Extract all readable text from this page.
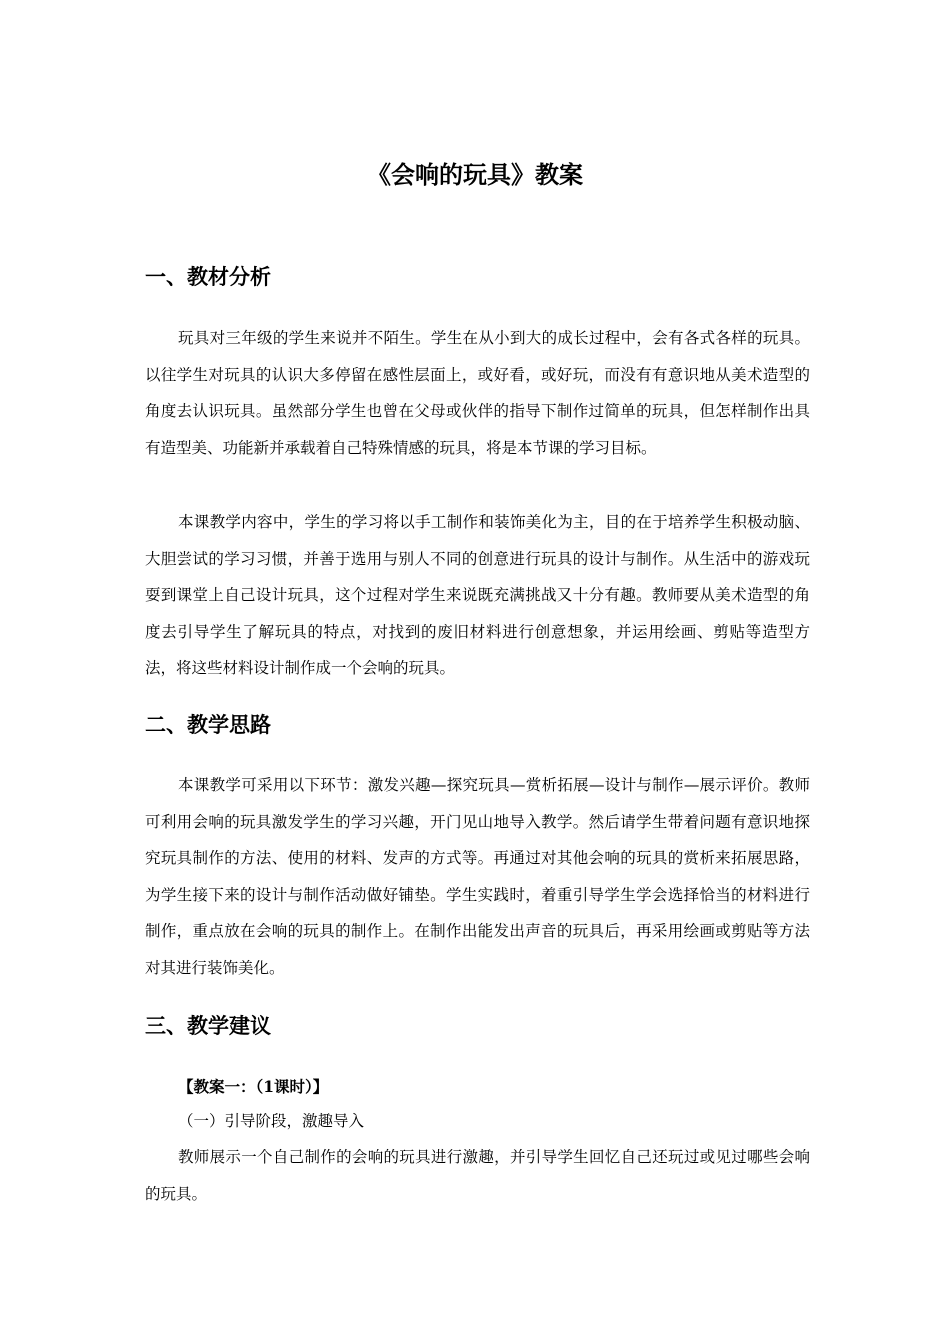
《会响的玩具》教案
一、教材分析
玩具对三年级的学生来说并不陌生。学生在从小到大的成长过程中，会有各式各样的玩具。以往学生对玩具的认识大多停留在感性层面上，或好看，或好玩，而没有有意识地从美术造型的角度去认识玩具。虽然部分学生也曾在父母或伙伴的指导下制作过简单的玩具，但怎样制作出具有造型美、功能新并承载着自己特殊情感的玩具，将是本节课的学习目标。
本课教学内容中，学生的学习将以手工制作和装饰美化为主，目的在于培养学生积极动脑、大胆尝试的学习习惯，并善于选用与别人不同的创意进行玩具的设计与制作。从生活中的游戏玩耍到课堂上自己设计玩具，这个过程对学生来说既充满挑战又十分有趣。教师要从美术造型的角度去引导学生了解玩具的特点，对找到的废旧材料进行创意想象，并运用绘画、剪贴等造型方法，将这些材料设计制作成一个会响的玩具。
二、教学思路
本课教学可采用以下环节：激发兴趣—探究玩具—赏析拓展—设计与制作—展示评价。教师可利用会响的玩具激发学生的学习兴趣，开门见山地导入教学。然后请学生带着问题有意识地探究玩具制作的方法、使用的材料、发声的方式等。再通过对其他会响的玩具的赏析来拓展思路，为学生接下来的设计与制作活动做好铺垫。学生实践时，着重引导学生学会选择恰当的材料进行制作，重点放在会响的玩具的制作上。在制作出能发出声音的玩具后，再采用绘画或剪贴等方法对其进行装饰美化。
三、教学建议
【教案一：（1课时）】
（一）引导阶段，激趣导入
教师展示一个自己制作的会响的玩具进行激趣，并引导学生回忆自己还玩过或见过哪些会响的玩具。
